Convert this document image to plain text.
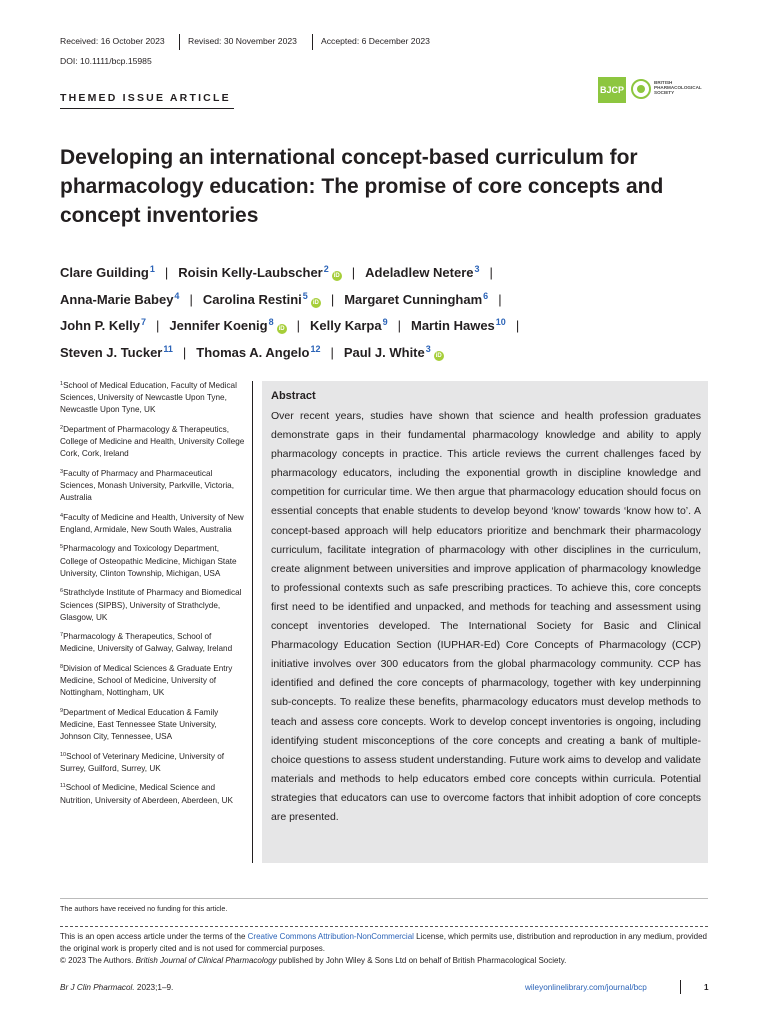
Received: 16 October 2023	Revised: 30 November 2023	Accepted: 6 December 2023
DOI: 10.1111/bcp.15985
THEMED ISSUE ARTICLE
BJCP
BRITISH
PHARMACOLOGICAL
SOCIETY
Developing an international concept-based curriculum for pharmacology education: The promise of core concepts and concept inventories
Clare Guilding$^1$ | Roisin Kelly-Laubscher$^2$iD | Adeladlew Netere$^3$ |
Anna-Marie Babey$^4$ | Carolina Restini$^5$iD | Margaret Cunningham$^6$ |
John P. Kelly$^7$ | Jennifer Koenig$^8$iD | Kelly Karpa$^9$ | Martin Hawes$^{10}$ |
Steven J. Tucker$^{11}$ | Thomas A. Angelo$^{12}$ | Paul J. White$^3$iD
$^1$School of Medical Education, Faculty of Medical Sciences, University of Newcastle Upon Tyne, Newcastle Upon Tyne, UK
$^2$Department of Pharmacology & Therapeutics, College of Medicine and Health, University College Cork, Cork, Ireland
$^3$Faculty of Pharmacy and Pharmaceutical Sciences, Monash University, Parkville, Victoria, Australia
$^4$Faculty of Medicine and Health, University of New England, Armidale, New South Wales, Australia
$^5$Pharmacology and Toxicology Department, College of Osteopathic Medicine, Michigan State University, Clinton Township, Michigan, USA
$^6$Strathclyde Institute of Pharmacy and Biomedical Sciences (SIPBS), University of Strathclyde, Glasgow, UK
$^7$Pharmacology & Therapeutics, School of Medicine, University of Galway, Galway, Ireland
$^8$Division of Medical Sciences & Graduate Entry Medicine, School of Medicine, University of Nottingham, Nottingham, UK
$^9$Department of Medical Education & Family Medicine, East Tennessee State University, Johnson City, Tennessee, USA
$^{10}$School of Veterinary Medicine, University of Surrey, Guilford, Surrey, UK
$^{11}$School of Medicine, Medical Science and Nutrition, University of Aberdeen, Aberdeen, UK
Abstract

Over recent years, studies have shown that science and health profession graduates demonstrate gaps in their fundamental pharmacology knowledge and ability to apply pharmacology concepts in practice. This article reviews the current challenges faced by pharmacology educators, including the exponential growth in discipline knowledge and competition for curricular time. We then argue that pharmacology education should focus on essential concepts that enable students to develop beyond ‘know’ towards ‘know how to’. A concept-based approach will help educators prioritize and benchmark their pharmacology curriculum, facilitate integration of pharmacology with other disciplines in the curriculum, create alignment between universities and improve application of pharmacology knowledge to professional contexts such as safe prescribing practices. To achieve this, core concepts first need to be identified and unpacked, and methods for teaching and assessment using concept inventories developed. The International Society for Basic and Clinical Pharmacology Education Section (IUPHAR-Ed) Core Concepts of Pharmacology (CCP) initiative involves over 300 educators from the global pharmacology community. CCP has identified and defined the core concepts of pharmacology, together with key underpinning sub-concepts. To realize these benefits, pharmacology educators must develop methods to teach and assess core concepts. Work to develop concept inventories is ongoing, including identifying student misconceptions of the core concepts and creating a bank of multiple-choice questions to assess student understanding. Future work aims to develop and validate materials and methods to help educators embed core concepts within curricula. Potential strategies that educators can use to overcome factors that inhibit adoption of core concepts are presented.

The authors have received no funding for this article.
This is an open access article under the terms of the Creative Commons Attribution-NonCommercial License, which permits use, distribution and reproduction in any medium, provided the original work is properly cited and is not used for commercial purposes.
© 2023 The Authors. British Journal of Clinical Pharmacology published by John Wiley & Sons Ltd on behalf of British Pharmacological Society.
Br J Clin Pharmacol. 2023;1–9.	wileyonlinelibrary.com/journal/bcp	1
